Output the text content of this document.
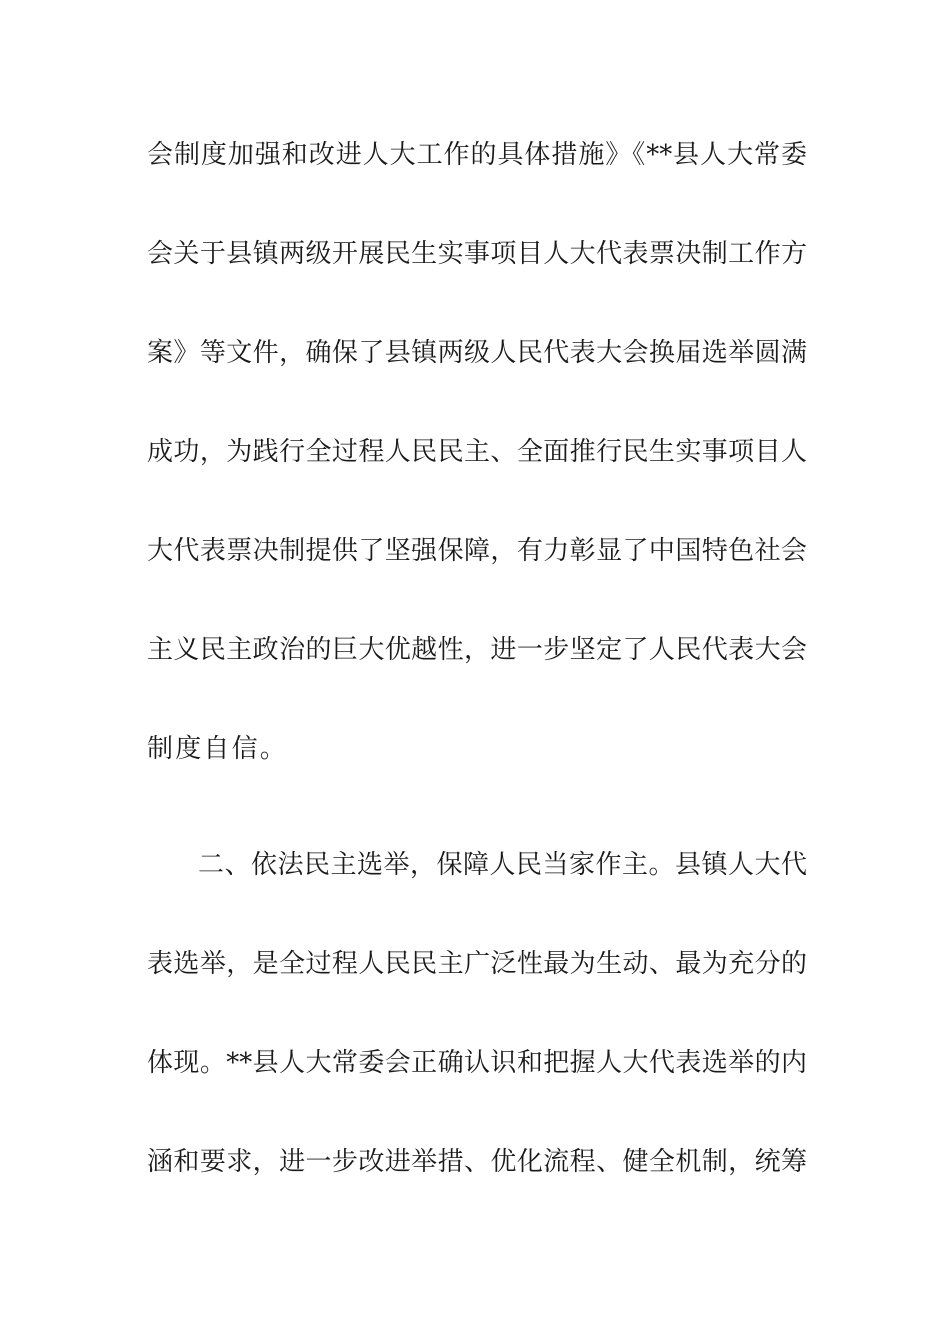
会制度加强和改进人大工作的具体措施》《**县人大常委
会关于县镇两级开展民生实事项目人大代表票决制工作方
案》等文件，确保了县镇两级人民代表大会换届选举圆满
成功，为践行全过程人民民主、全面推行民生实事项目人
大代表票决制提供了坚强保障，有力彰显了中国特色社会
主义民主政治的巨大优越性，进一步坚定了人民代表大会
制度自信。
二、依法民主选举，保障人民当家作主。县镇人大代
表选举，是全过程人民民主广泛性最为生动、最为充分的
体现。**县人大常委会正确认识和把握人大代表选举的内
涵和要求，进一步改进举措、优化流程、健全机制，统筹
